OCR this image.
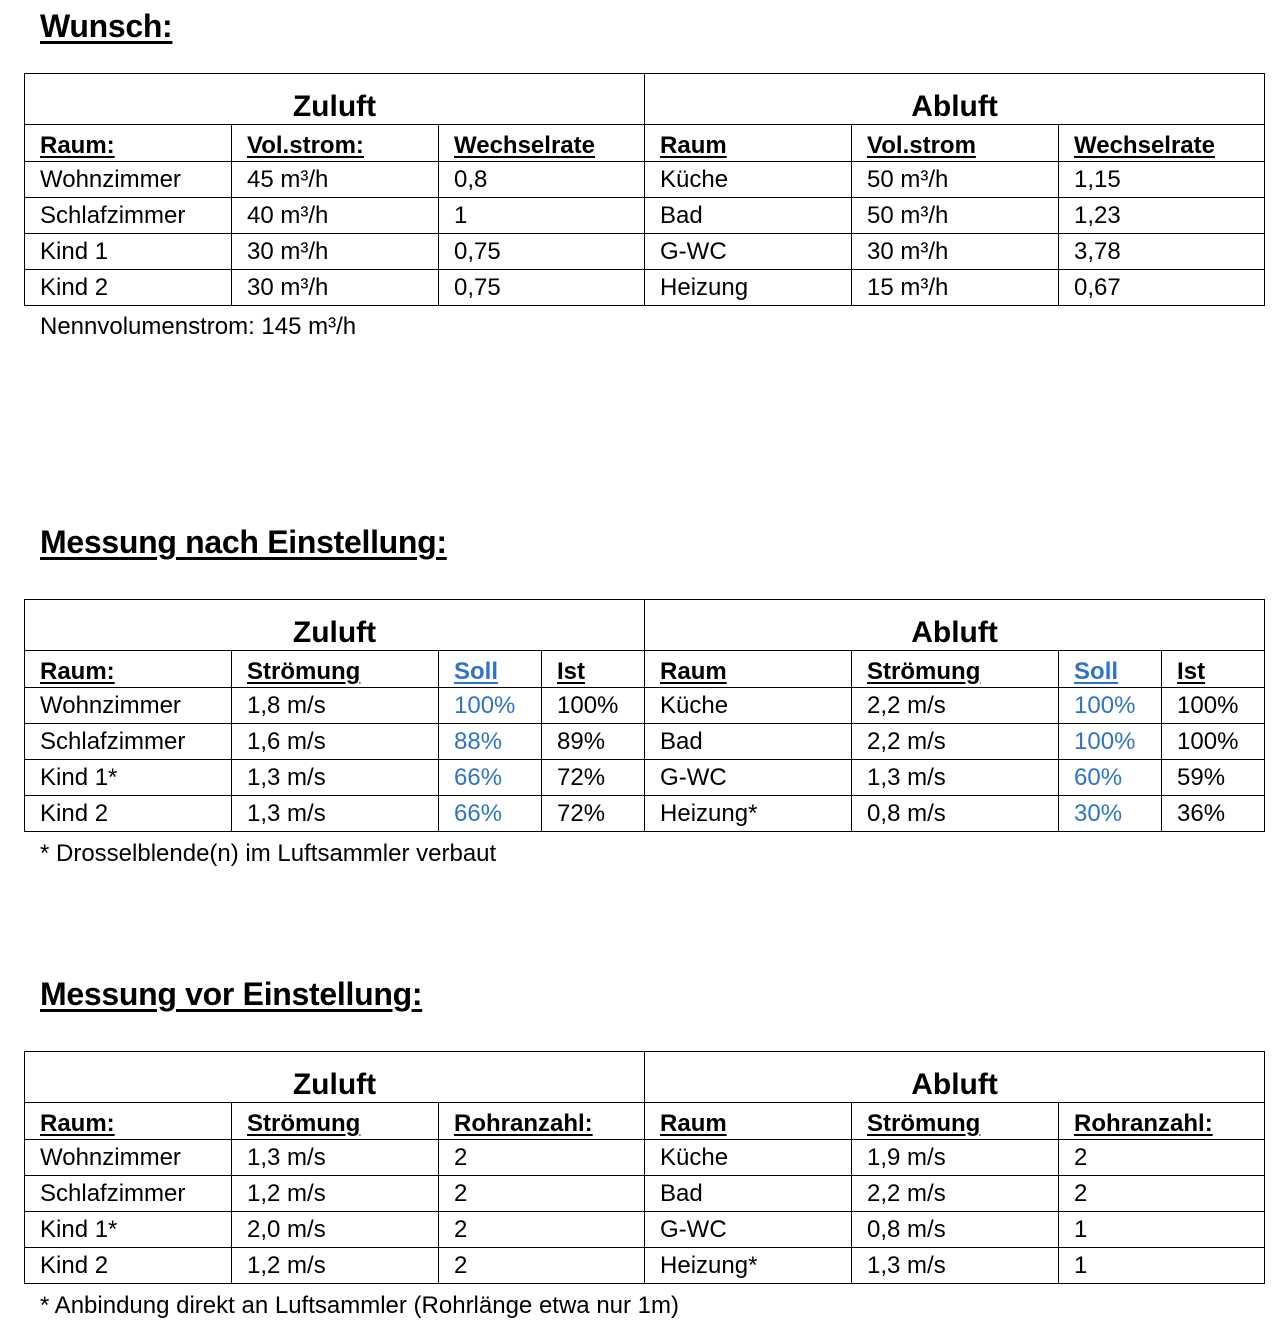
Wunsch:
Zuluft			Abluft		
Raum:	Vol.strom:	Wechselrate	Raum	Vol.strom	Wechselrate
Wohnzimmer	45 m³/h	0,8	Küche	50 m³/h	1,15
Schlafzimmer	40 m³/h	1	Bad	50 m³/h	1,23
Kind 1	30 m³/h	0,75	G-WC	30 m³/h	3,78
Kind 2	30 m³/h	0,75	Heizung	15 m³/h	0,67

Nennvolumenstrom: 145 m³/h

Messung nach Einstellung:
Zuluft				Abluft			
Raum:	Strömung	Soll	Ist	Raum	Strömung	Soll	Ist
Wohnzimmer	1,8 m/s	100%	100%	Küche	2,2 m/s	100%	100%
Schlafzimmer	1,6 m/s	88%	89%	Bad	2,2 m/s	100%	100%
Kind 1*	1,3 m/s	66%	72%	G-WC	1,3 m/s	60%	59%
Kind 2	1,3 m/s	66%	72%	Heizung*	0,8 m/s	30%	36%

* Drosselblende(n) im Luftsammler verbaut

Messung vor Einstellung:
Zuluft			Abluft		
Raum:	Strömung	Rohranzahl:	Raum	Strömung	Rohranzahl:
Wohnzimmer	1,3 m/s	2	Küche	1,9 m/s	2
Schlafzimmer	1,2 m/s	2	Bad	2,2 m/s	2
Kind 1*	2,0 m/s	2	G-WC	0,8 m/s	1
Kind 2	1,2 m/s	2	Heizung*	1,3 m/s	1

* Anbindung direkt an Luftsammler (Rohrlänge etwa nur 1m)
